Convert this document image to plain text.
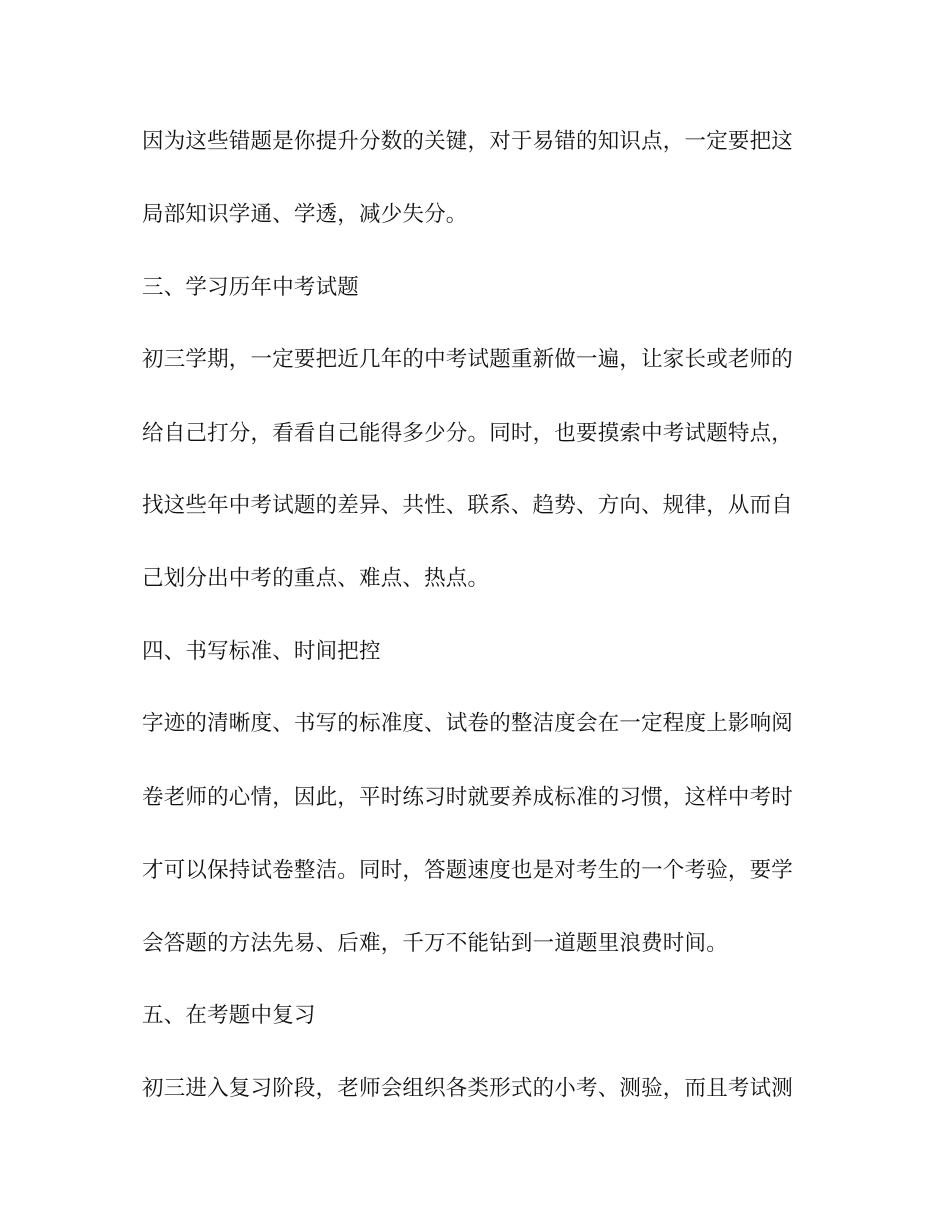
因为这些错题是你提升分数的关键，对于易错的知识点，一定要把这
局部知识学通、学透，减少失分。
三、学习历年中考试题
初三学期，一定要把近几年的中考试题重新做一遍，让家长或老师的
给自己打分，看看自己能得多少分。同时，也要摸索中考试题特点，
找这些年中考试题的差异、共性、联系、趋势、方向、规律，从而自
己划分出中考的重点、难点、热点。
四、书写标准、时间把控
字迹的清晰度、书写的标准度、试卷的整洁度会在一定程度上影响阅
卷老师的心情，因此，平时练习时就要养成标准的习惯，这样中考时
才可以保持试卷整洁。同时，答题速度也是对考生的一个考验，要学
会答题的方法先易、后难，千万不能钻到一道题里浪费时间。
五、在考题中复习
初三进入复习阶段，老师会组织各类形式的小考、测验，而且考试测
